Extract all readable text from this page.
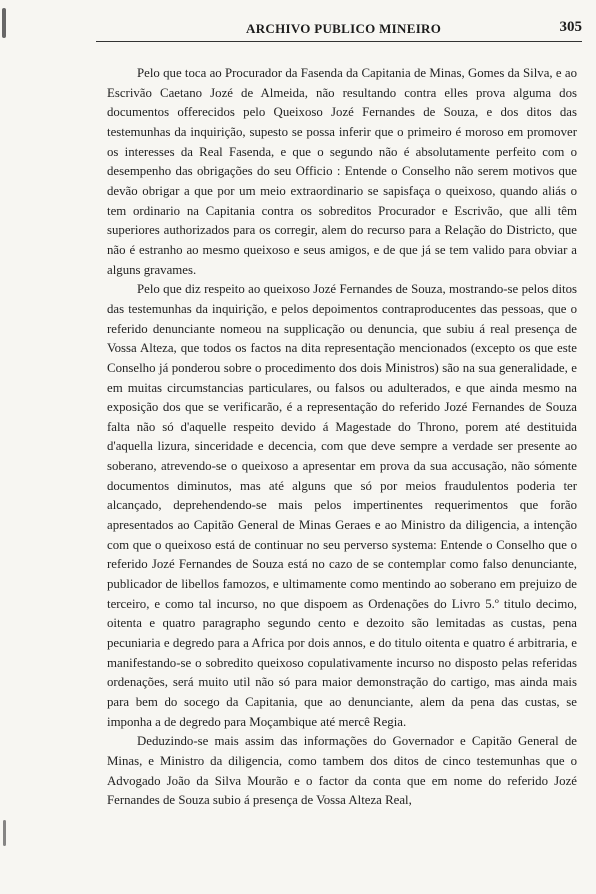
ARCHIVO PUBLICO MINEIRO	305

Pelo que toca ao Procurador da Fasenda da Capitania de Minas, Gomes da Silva, e ao Escrivão Caetano Jozé de Almeida, não resultando contra elles prova alguma dos documentos offerecidos pelo Queixoso Jozé Fernandes de Souza, e dos ditos das testemunhas da inquirição, supesto se possa inferir que o primeiro é moroso em promover os interesses da Real Fasenda, e que o segundo não é absolutamente perfeito com o desempenho das obrigações do seu Officio : Entende o Conselho não serem motivos que devão obrigar a que por um meio extraordinario se sapisfaça o queixoso, quando aliás o tem ordinario na Capitania contra os sobreditos Procurador e Escrivão, que alli têm superiores authorizados para os corregir, alem do recurso para a Relação do Districto, que não é estranho ao mesmo queixoso e seus amigos, e de que já se tem valido para obviar a alguns gravames.

Pelo que diz respeito ao queixoso Jozé Fernandes de Souza, mostrando-se pelos ditos das testemunhas da inquirição, e pelos depoimentos contraproducentes das pessoas, que o referido denunciante nomeou na supplicação ou denuncia, que subiu á real presença de Vossa Alteza, que todos os factos na dita representação mencionados (excepto os que este Conselho já ponderou sobre o procedimento dos dois Ministros) são na sua generalidade, e em muitas circumstancias particulares, ou falsos ou adulterados, e que ainda mesmo na exposição dos que se verificarão, é a representação do referido Jozé Fernandes de Souza falta não só d'aquelle respeito devido á Magestade do Throno, porem até destituida d'aquella lizura, sinceridade e decencia, com que deve sempre a verdade ser presente ao soberano, atrevendo-se o queixoso a apresentar em prova da sua accusação, não sómente documentos diminutos, mas até alguns que só por meios fraudulentos poderia ter alcançado, deprehendendo-se mais pelos impertinentes requerimentos que forão apresentados ao Capitão General de Minas Geraes e ao Ministro da diligencia, a intenção com que o queixoso está de continuar no seu perverso systema: Entende o Conselho que o referido Jozé Fernandes de Souza está no cazo de se contemplar como falso denunciante, publicador de libellos famozos, e ultimamente como mentindo ao soberano em prejuizo de terceiro, e como tal incurso, no que dispoem as Ordenações do Livro 5.º titulo decimo, oitenta e quatro paragrapho segundo cento e dezoito são lemitadas as custas, pena pecuniaria e degredo para a Africa por dois annos, e do titulo oitenta e quatro é arbitraria, e manifestando-se o sobredito queixoso copulativamente incurso no disposto pelas referidas ordenações, será muito util não só para maior demonstração do cartigo, mas ainda mais para bem do socego da Capitania, que ao denunciante, alem da pena das custas, se imponha a de degredo para Moçambique até mercê Regia.

Deduzindo-se mais assim das informações do Governador e Capitão General de Minas, e Ministro da diligencia, como tambem dos ditos de cinco testemunhas que o Advogado João da Silva Mourão e o factor da conta que em nome do referido Jozé Fernandes de Souza subio á presença de Vossa Alteza Real,
